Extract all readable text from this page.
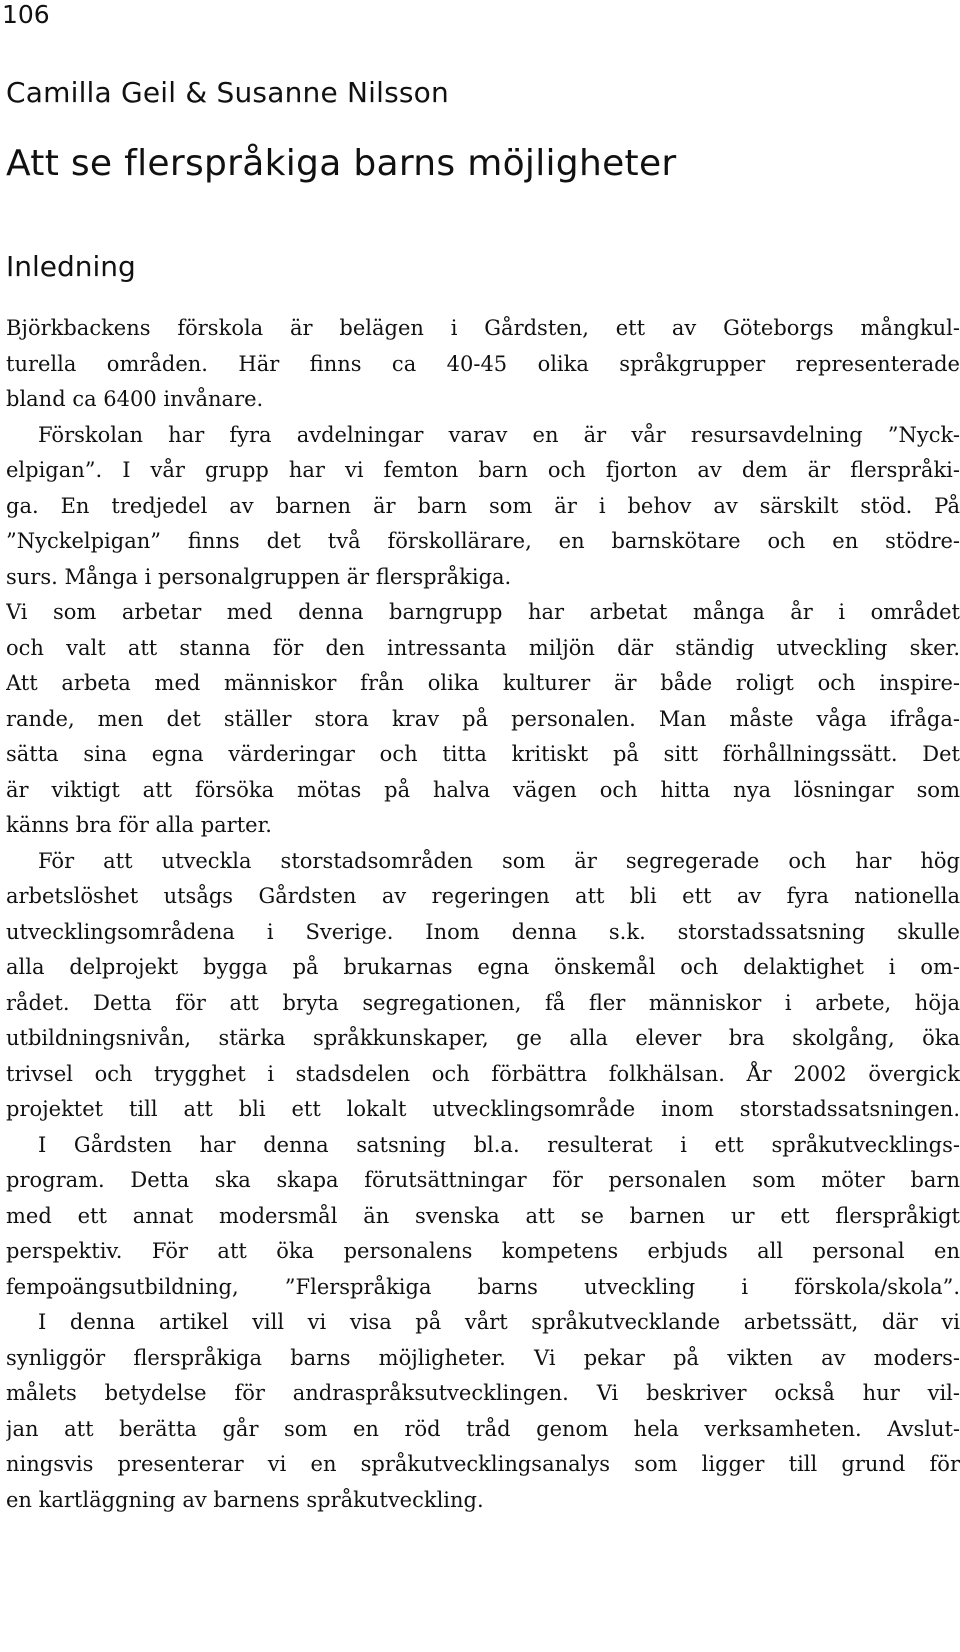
106
Camilla Geil & Susanne Nilsson
Att se flerspråkiga barns möjligheter
Inledning
Björkbackens förskola är belägen i Gårdsten, ett av Göteborgs mångkul-
turella områden. Här finns ca 40-45 olika språkgrupper representerade
bland ca 6400 invånare.
Förskolan har fyra avdelningar varav en är vår resursavdelning ”Nyck-
elpigan”. I vår grupp har vi femton barn och fjorton av dem är flerspråki-
ga. En tredjedel av barnen är barn som är i behov av särskilt stöd. På
”Nyckelpigan” finns det två förskollärare, en barnskötare och en stödre-
surs. Många i personalgruppen är flerspråkiga.
Vi som arbetar med denna barngrupp har arbetat många år i området
och valt att stanna för den intressanta miljön där ständig utveckling sker.
Att arbeta med människor från olika kulturer är både roligt och inspire-
rande, men det ställer stora krav på personalen. Man måste våga ifråga-
sätta sina egna värderingar och titta kritiskt på sitt förhållningssätt. Det
är viktigt att försöka mötas på halva vägen och hitta nya lösningar som
känns bra för alla parter.
För att utveckla storstadsområden som är segregerade och har hög
arbetslöshet utsågs Gårdsten av regeringen att bli ett av fyra nationella
utvecklingsområdena i Sverige. Inom denna s.k. storstadssatsning skulle
alla delprojekt bygga på brukarnas egna önskemål och delaktighet i om-
rådet. Detta för att bryta segregationen, få fler människor i arbete, höja
utbildningsnivån, stärka språkkunskaper, ge alla elever bra skolgång, öka
trivsel och trygghet i stadsdelen och förbättra folkhälsan. År 2002 övergick
projektet till att bli ett lokalt utvecklingsområde inom storstadssatsningen.
I Gårdsten har denna satsning bl.a. resulterat i ett språkutvecklings-
program. Detta ska skapa förutsättningar för personalen som möter barn
med ett annat modersmål än svenska att se barnen ur ett flerspråkigt
perspektiv. För att öka personalens kompetens erbjuds all personal en
fempoängsutbildning, ”Flerspråkiga barns utveckling i förskola/skola”.
I denna artikel vill vi visa på vårt språkutvecklande arbetssätt, där vi
synliggör flerspråkiga barns möjligheter. Vi pekar på vikten av moders-
målets betydelse för andraspråksutvecklingen. Vi beskriver också hur vil-
jan att berätta går som en röd tråd genom hela verksamheten. Avslut-
ningsvis presenterar vi en språkutvecklingsanalys som ligger till grund för
en kartläggning av barnens språkutveckling.
